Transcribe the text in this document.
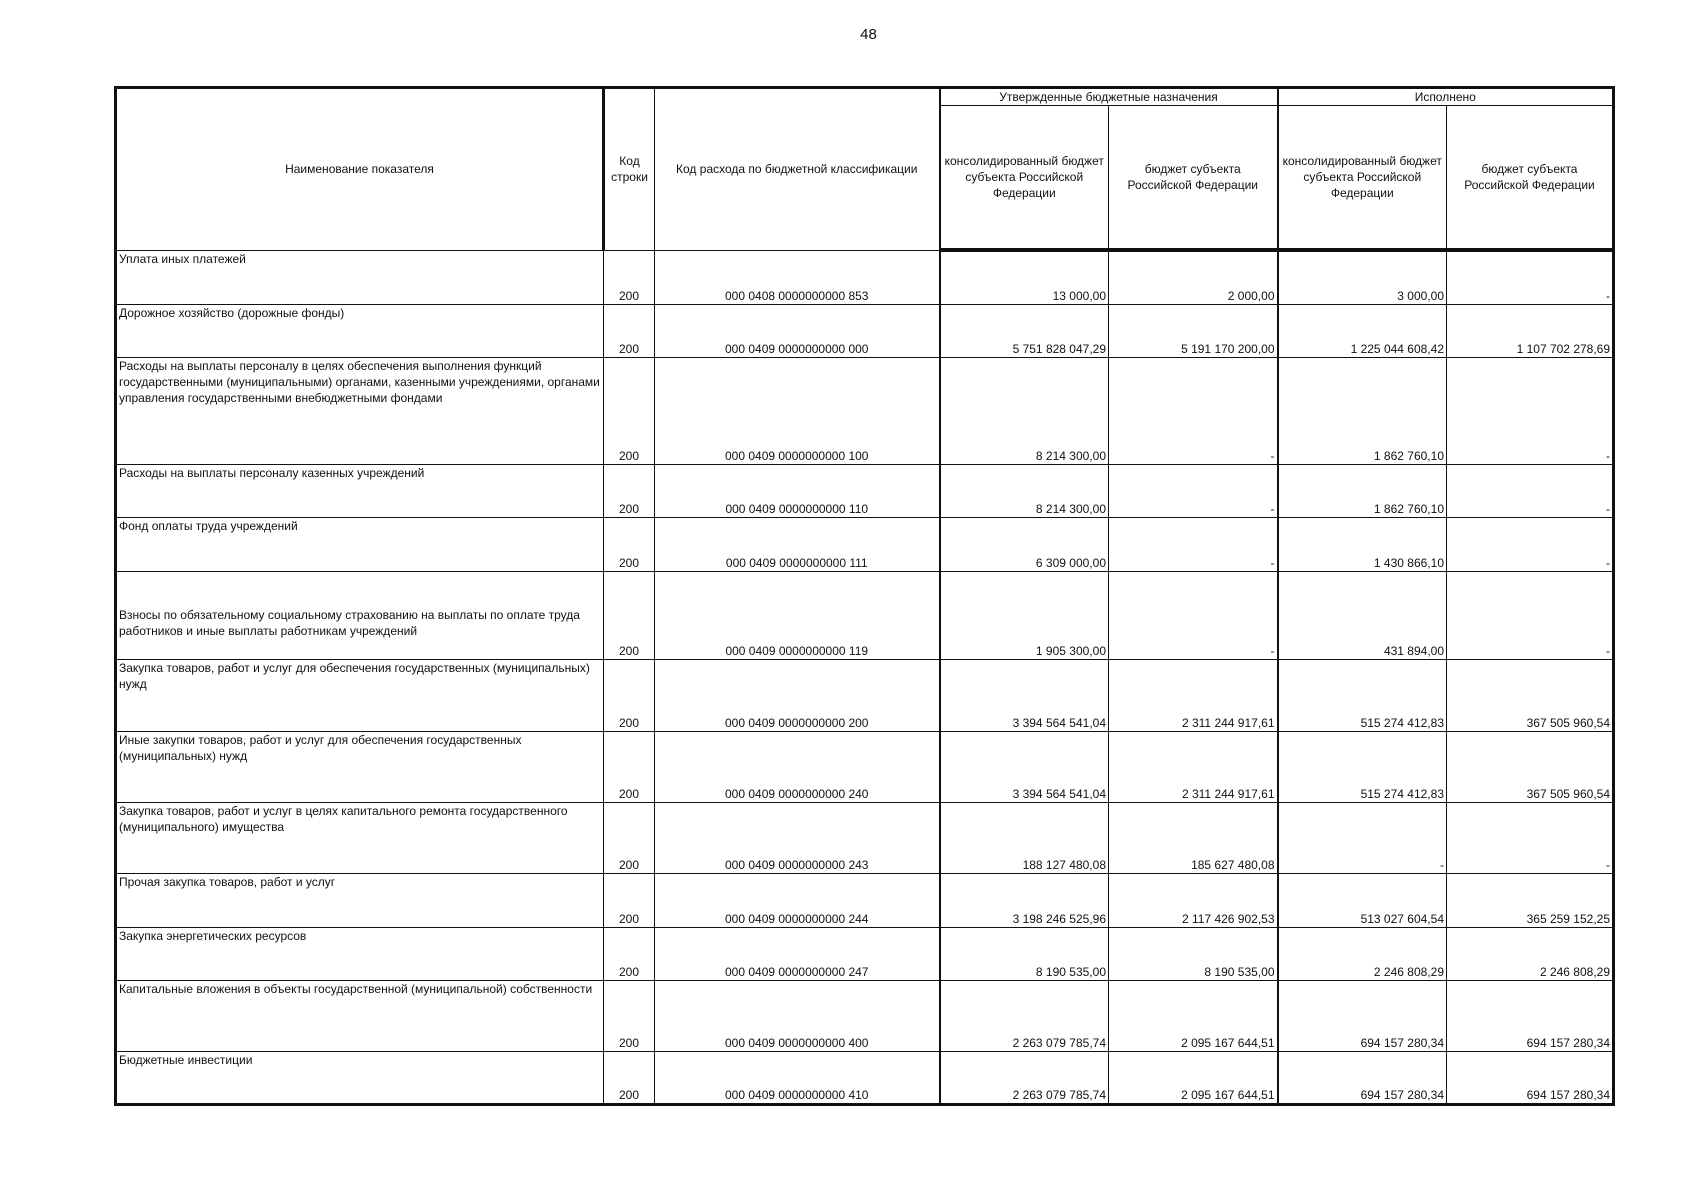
48
Наименование показателя	Код строки	Код расхода по бюджетной классификации	Утвержденные бюджетные назначения		Исполнено	
			консолидированный бюджет субъекта Российской Федерации	бюджет субъекта Российской Федерации	консолидированный бюджет субъекта Российской Федерации	бюджет субъекта Российской Федерации
Уплата иных платежей	200	000 0408 0000000000 853	13 000,00	2 000,00	3 000,00	-
Дорожное хозяйство (дорожные фонды)	200	000 0409 0000000000 000	5 751 828 047,29	5 191 170 200,00	1 225 044 608,42	1 107 702 278,69
Расходы на выплаты персоналу в целях обеспечения выполнения функций государственными (муниципальными) органами, казенными учреждениями, органами управления государственными внебюджетными фондами	200	000 0409 0000000000 100	8 214 300,00	-	1 862 760,10	-
Расходы на выплаты персоналу казенных учреждений	200	000 0409 0000000000 110	8 214 300,00	-	1 862 760,10	-
Фонд оплаты труда учреждений	200	000 0409 0000000000 111	6 309 000,00	-	1 430 866,10	-
Взносы по обязательному социальному страхованию на выплаты по оплате труда работников и иные выплаты работникам учреждений	200	000 0409 0000000000 119	1 905 300,00	-	431 894,00	-
Закупка товаров, работ и услуг для обеспечения государственных (муниципальных) нужд	200	000 0409 0000000000 200	3 394 564 541,04	2 311 244 917,61	515 274 412,83	367 505 960,54
Иные закупки товаров, работ и услуг для обеспечения государственных (муниципальных) нужд	200	000 0409 0000000000 240	3 394 564 541,04	2 311 244 917,61	515 274 412,83	367 505 960,54
Закупка товаров, работ и услуг в целях капитального ремонта государственного (муниципального) имущества	200	000 0409 0000000000 243	188 127 480,08	185 627 480,08	-	-
Прочая закупка товаров, работ и услуг	200	000 0409 0000000000 244	3 198 246 525,96	2 117 426 902,53	513 027 604,54	365 259 152,25
Закупка энергетических ресурсов	200	000 0409 0000000000 247	8 190 535,00	8 190 535,00	2 246 808,29	2 246 808,29
Капитальные вложения в объекты государственной (муниципальной) собственности	200	000 0409 0000000000 400	2 263 079 785,74	2 095 167 644,51	694 157 280,34	694 157 280,34
Бюджетные инвестиции	200	000 0409 0000000000 410	2 263 079 785,74	2 095 167 644,51	694 157 280,34	694 157 280,34
